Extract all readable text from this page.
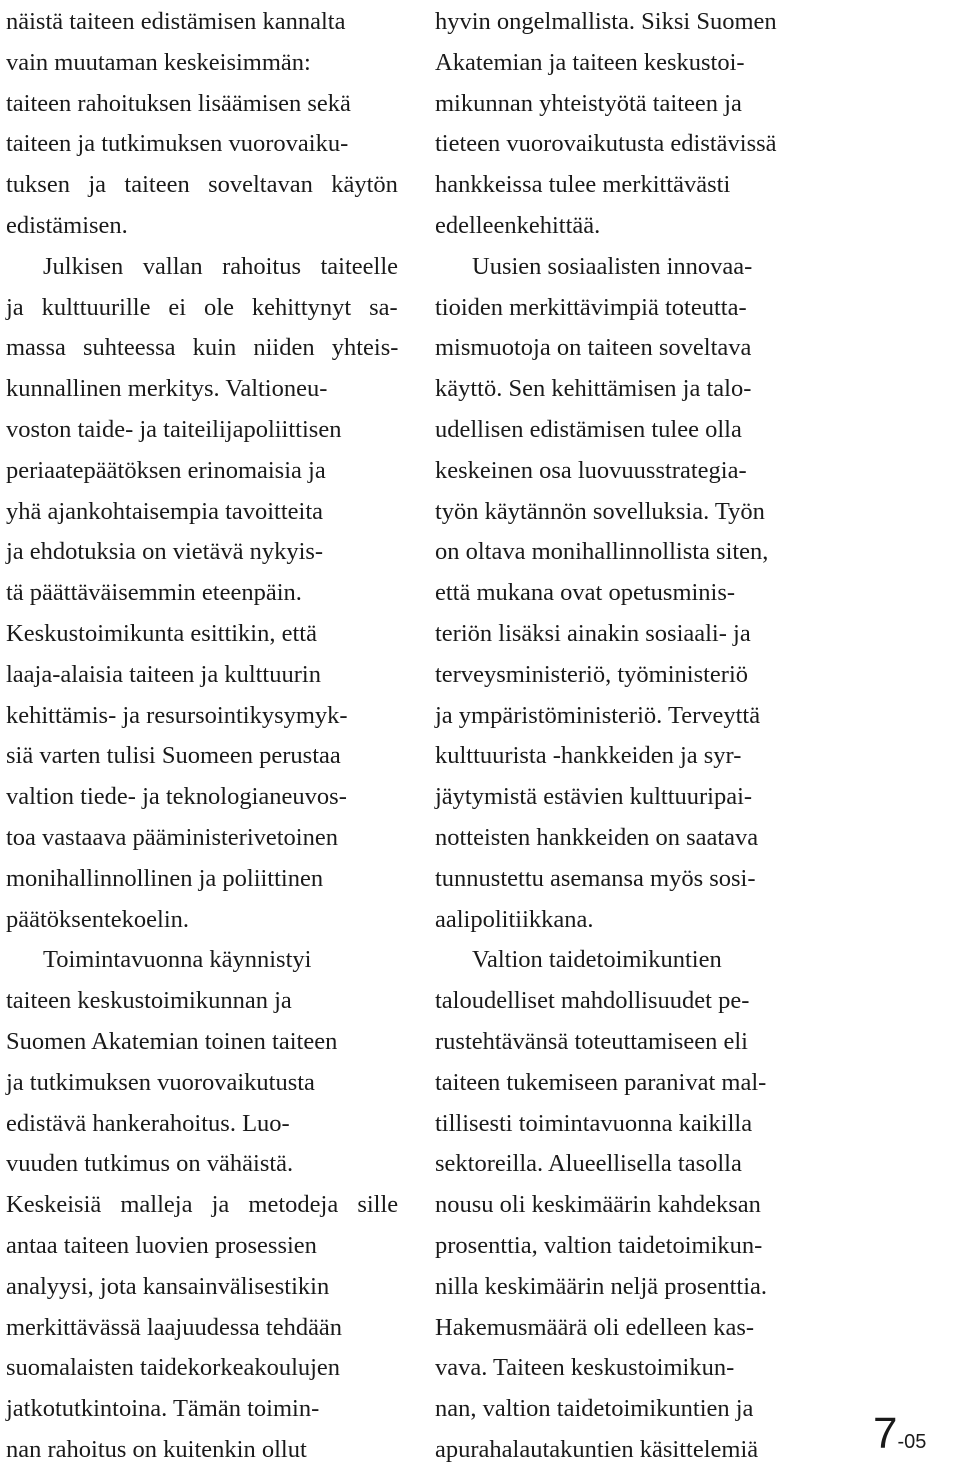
näistä taiteen edistämisen kannalta
vain muutaman keskeisimmän:
taiteen rahoituksen lisäämisen sekä
taiteen ja tutkimuksen vuorovaiku-
tuksen ja taiteen soveltavan käytön
edistämisen.
Julkisen vallan rahoitus taiteelle
ja kulttuurille ei ole kehittynyt sa-
massa suhteessa kuin niiden yhteis-
kunnallinen merkitys. Valtioneu-
voston taide- ja taiteilijapoliittisen
periaatepäätöksen erinomaisia ja
yhä ajankohtaisempia tavoitteita
ja ehdotuksia on vietävä nykyis-
tä päättäväisemmin eteenpäin.
Keskustoimikunta esittikin, että
laaja-alaisia taiteen ja kulttuurin
kehittämis- ja resursointikysymyk-
siä varten tulisi Suomeen perustaa
valtion tiede- ja teknologianeuvos-
toa vastaava pääministerivetoinen
monihallinnollinen ja poliittinen
päätöksentekoelin.
Toimintavuonna käynnistyi
taiteen keskustoimikunnan ja
Suomen Akatemian toinen taiteen
ja tutkimuksen vuorovaikutusta
edistävä hankerahoitus. Luo-
vuuden tutkimus on vähäistä.
Keskeisiä malleja ja metodeja sille
antaa taiteen luovien prosessien
analyysi, jota kansainvälisestikin
merkittävässä laajuudessa tehdään
suomalaisten taidekorkeakoulujen
jatkotutkintoina. Tämän toimin-
nan rahoitus on kuitenkin ollut
hyvin ongelmallista. Siksi Suomen
Akatemian ja taiteen keskustoi-
mikunnan yhteistyötä taiteen ja
tieteen vuorovaikutusta edistävissä
hankkeissa tulee merkittävästi
edelleenkehittää.
Uusien sosiaalisten innovaa-
tioiden merkittävimpiä toteutta-
mismuotoja on taiteen soveltava
käyttö. Sen kehittämisen ja talo-
udellisen edistämisen tulee olla
keskeinen osa luovuusstrategia-
työn käytännön sovelluksia. Työn
on oltava monihallinnollista siten,
että mukana ovat opetusminis-
teriön lisäksi ainakin sosiaali- ja
terveysministeriö, työministeriö
ja ympäristöministeriö. Terveyttä
kulttuurista -hankkeiden ja syr-
jäytymistä estävien kulttuuripai-
notteisten hankkeiden on saatava
tunnustettu asemansa myös sosi-
aalipolitiikkana.
Valtion taidetoimikuntien
taloudelliset mahdollisuudet pe-
rustehtävänsä toteuttamiseen eli
taiteen tukemiseen paranivat mal-
tillisesti toimintavuonna kaikilla
sektoreilla. Alueellisella tasolla
nousu oli keskimäärin kahdeksan
prosenttia, valtion taidetoimikun-
nilla keskimäärin neljä prosenttia.
Hakemusmäärä oli edelleen kas-
vava. Taiteen keskustoimikun-
nan, valtion taidetoimikuntien ja
apurahalautakuntien käsittelemiä	7-05
